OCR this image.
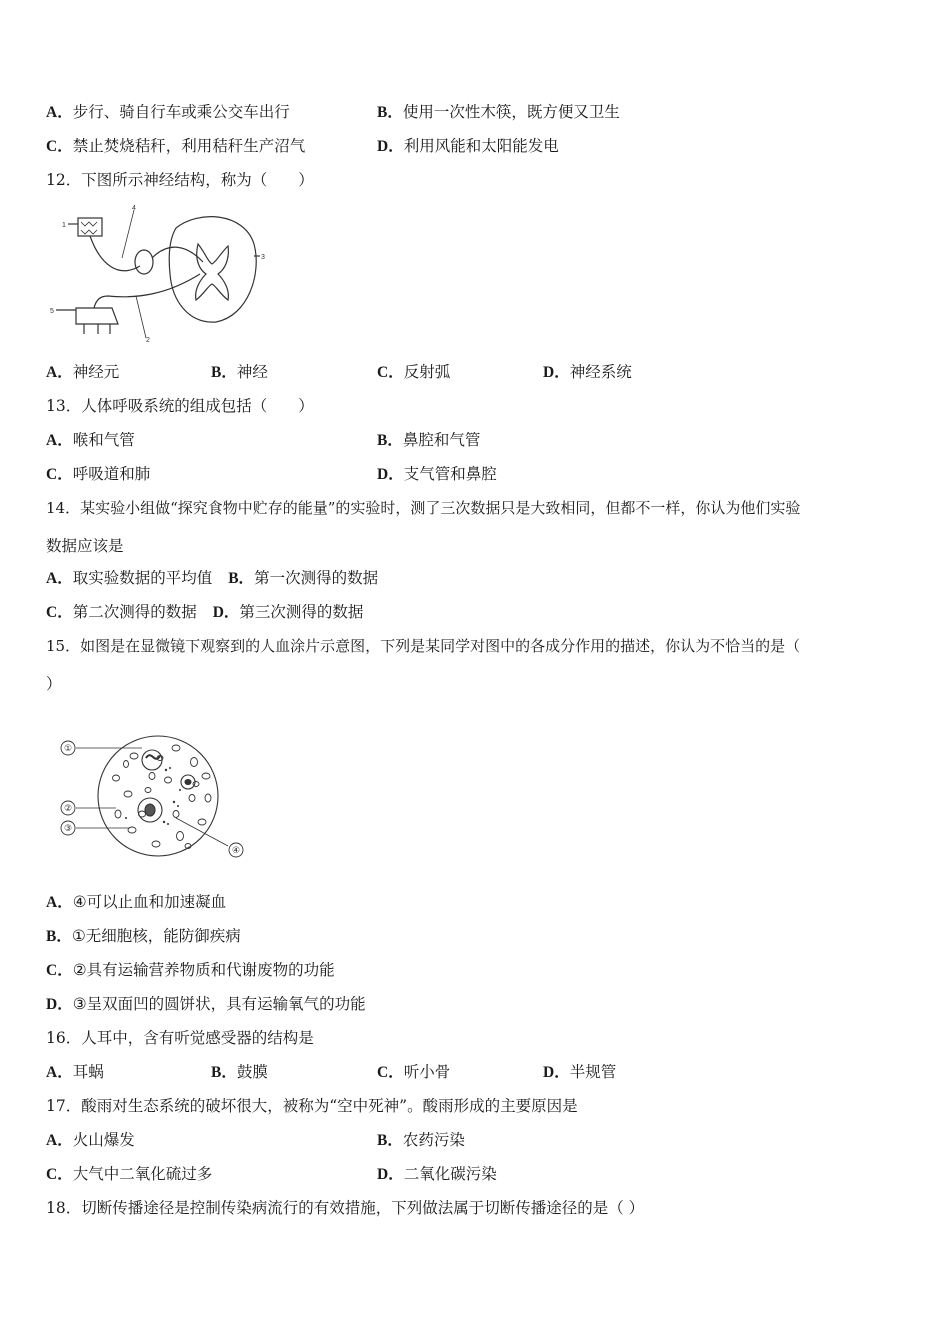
A．步行、骑自行车或乘公交车出行	B．使用一次性木筷，既方便又卫生
C．禁止焚烧秸秆，利用秸秆生产沼气	D．利用风能和太阳能发电
12．下图所示神经结构，称为（　　）
1
2
3
4
5
A．神经元	B．神经	C．反射弧	D．神经系统
13．人体呼吸系统的组成包括（　　）
A．喉和气管	B．鼻腔和气管
C．呼吸道和肺	D．支气管和鼻腔
14．某实验小组做“探究食物中贮存的能量”的实验时，测了三次数据只是大致相同，但都不一样，你认为他们实验
数据应该是
A．取实验数据的平均值 B．第一次测得的数据
C．第二次测得的数据 D．第三次测得的数据
15．如图是在显微镜下观察到的人血涂片示意图，下列是某同学对图中的各成分作用的描述，你认为不恰当的是（
）
①
②
③
④
A．④可以止血和加速凝血
B．①无细胞核，能防御疾病
C．②具有运输营养物质和代谢废物的功能
D．③呈双面凹的圆饼状，具有运输氧气的功能
16．人耳中，含有听觉感受器的结构是
A．耳蜗	B．鼓膜	C．听小骨	D．半规管
17．酸雨对生态系统的破坏很大，被称为“空中死神”。酸雨形成的主要原因是
A．火山爆发	B．农药污染
C．大气中二氧化硫过多	D．二氧化碳污染
18．切断传播途径是控制传染病流行的有效措施，下列做法属于切断传播途径的是（ ）
